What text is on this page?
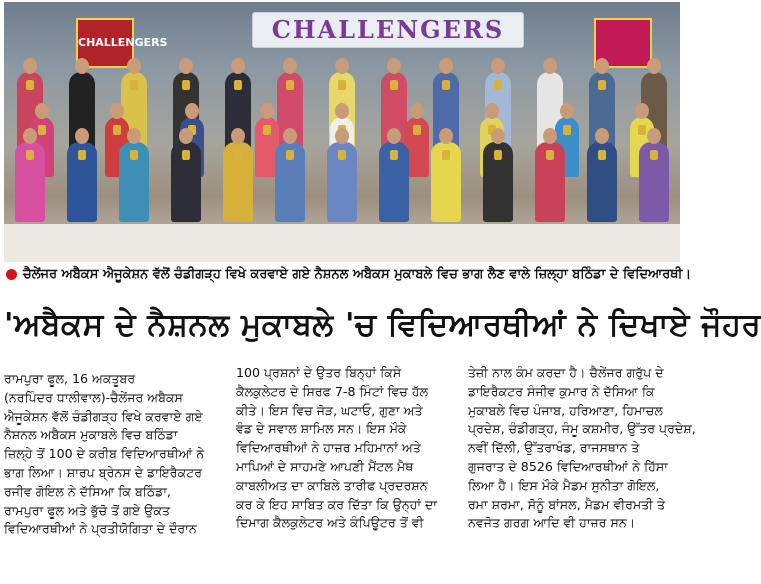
CHALLENGERS
CHALLENGERS
ਚੈਲੇਂਜਰ ਅਬੈਕਸ ਐਜੂਕੇਸ਼ਨ ਵੱਲੋਂ ਚੰਡੀਗੜ੍ਹ ਵਿਖੇ ਕਰਵਾਏ ਗਏ ਨੈਸ਼ਨਲ ਅਬੈਕਸ ਮੁਕਾਬਲੇ ਵਿਚ ਭਾਗ ਲੈਣ ਵਾਲੇ ਜ਼ਿਲ੍ਹਾ ਬਠਿੰਡਾ ਦੇ ਵਿਦਿਆਰਥੀ।
'ਅਬੈਕਸ ਦੇ ਨੈਸ਼ਨਲ ਮੁਕਾਬਲੇ 'ਚ ਵਿਦਿਆਰਥੀਆਂ ਨੇ ਦਿਖਾਏ ਜੌਹਰ
ਰਾਮਪੁਰਾ ਫੂਲ, 16 ਅਕਤੂਬਰ
(ਨਰਪਿੰਦਰ ਧਾਲੀਵਾਲ)-ਚੈਲੇਂਜਰ ਅਬੈਕਸ
ਐਜੂਕੇਸ਼ਨ ਵੱਲੋਂ ਚੰਡੀਗੜ੍ਹ ਵਿਖੇ ਕਰਵਾਏ ਗਏ
ਨੈਸ਼ਨਲ ਅਬੈਕਸ ਮੁਕਾਬਲੇ ਵਿਚ ਬਠਿੰਡਾ
ਜ਼ਿਲ੍ਹੇ ਤੋਂ 100 ਦੇ ਕਰੀਬ ਵਿਦਿਆਰਥੀਆਂ ਨੇ
ਭਾਗ ਲਿਆ। ਸ਼ਾਰਪ ਬ੍ਰੇਨਸ ਦੇ ਡਾਇਰੈਕਟਰ
ਰਜੀਵ ਗੋਇਲ ਨੇ ਦੱਸਿਆ ਕਿ ਬਠਿੰਡਾ,
ਰਾਮਪੁਰਾ ਫੂਲ ਅਤੇ ਭੁੱਚੋ ਤੋਂ ਗਏ ਉਕਤ
ਵਿਦਿਆਰਥੀਆਂ ਨੇ ਪ੍ਰਤੀਯੋਗਿਤਾ ਦੇ ਦੌਰਾਨ
100 ਪ੍ਰਸ਼ਨਾਂ ਦੇ ਉਤਰ ਬਿਨ੍ਹਾਂ ਕਿਸੇ
ਕੈਲਕੁਲੇਟਰ ਦੇ ਸਿਰਫ 7-8 ਮਿੰਟਾਂ ਵਿਚ ਹੱਲ
ਕੀਤੇ। ਇਸ ਵਿਚ ਜੋੜ, ਘਟਾਓ, ਗੁਣਾ ਅਤੇ
ਵੰਡ ਦੇ ਸਵਾਲ ਸ਼ਾਮਿਲ ਸਨ। ਇਸ ਮੌਕੇ
ਵਿਦਿਆਰਥੀਆਂ ਨੇ ਹਾਜ਼ਰ ਮਹਿਮਾਨਾਂ ਅਤੇ
ਮਾਪਿਆਂ ਦੇ ਸਾਹਮਣੇ ਆਪਣੀ ਮੈਂਟਲ ਮੈਥ
ਕਾਬਲੀਅਤ ਦਾ ਕਾਬਿਲੇ ਤਾਰੀਫ ਪ੍ਰਦਰਸ਼ਨ
ਕਰ ਕੇ ਇਹ ਸਾਬਿਤ ਕਰ ਦਿੱਤਾ ਕਿ ਉਨ੍ਹਾਂ ਦਾ
ਦਿਮਾਗ ਕੈਲਕੁਲੇਟਰ ਅਤੇ ਕੰਪਿਊਟਰ ਤੋਂ ਵੀ
ਤੇਜ਼ੀ ਨਾਲ ਕੰਮ ਕਰਦਾ ਹੈ। ਚੈਲੇਂਜਰ ਗਰੁੱਪ ਦੇ
ਡਾਇਰੈਕਟਰ ਸੰਜੀਵ ਕੁਮਾਰ ਨੇ ਦੱਸਿਆ ਕਿ
ਮੁਕਾਬਲੇ ਵਿਚ ਪੰਜਾਬ, ਹਰਿਆਣਾ, ਹਿਮਾਚਲ
ਪ੍ਰਦੇਸ਼, ਚੰਡੀਗੜ੍ਹ, ਜੰਮੂ ਕਸ਼ਮੀਰ, ਉੱਤਰ ਪ੍ਰਦੇਸ਼,
ਨਵੀਂ ਦਿੱਲੀ, ਉੱਤਰਾਖੰਡ, ਰਾਜਸਥਾਨ ਤੇ
ਗੁਜਰਾਤ ਦੇ 8526 ਵਿਦਿਆਰਥੀਆਂ ਨੇ ਹਿੱਸਾ
ਲਿਆ ਹੈ। ਇਸ ਮੌਕੇ ਮੈਡਮ ਸੁਨੀਤਾ ਗੋਇਲ,
ਰਮਾ ਸ਼ਰਮਾ, ਸੋਨੂੰ ਬਾਂਸਲ, ਮੈਡਮ ਵੀਰਮਤੀ ਤੇ
ਨਵਜੋਤ ਗਰਗ ਆਦਿ ਵੀ ਹਾਜ਼ਰ ਸਨ।
